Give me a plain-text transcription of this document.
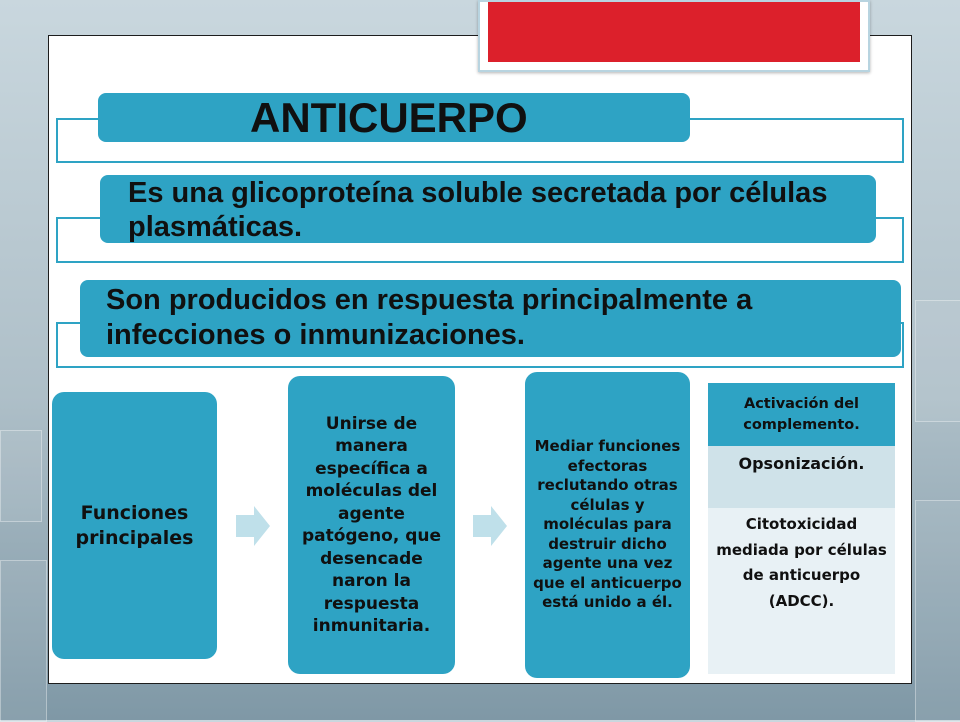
ANTICUERPO
Es una glicoproteína soluble secretada por células plasmáticas.
Son producidos en respuesta principalmente a infecciones o inmunizaciones.
Funciones principales
Unirse de manera específica a moléculas del agente patógeno, que desencade naron la respuesta inmunitaria.
Mediar funciones efectoras reclutando otras células y moléculas para destruir dicho agente una vez que el anticuerpo está unido a él.
Activación del complemento.
Opsonización.
Citotoxicidad mediada por células de anticuerpo (ADCC).
